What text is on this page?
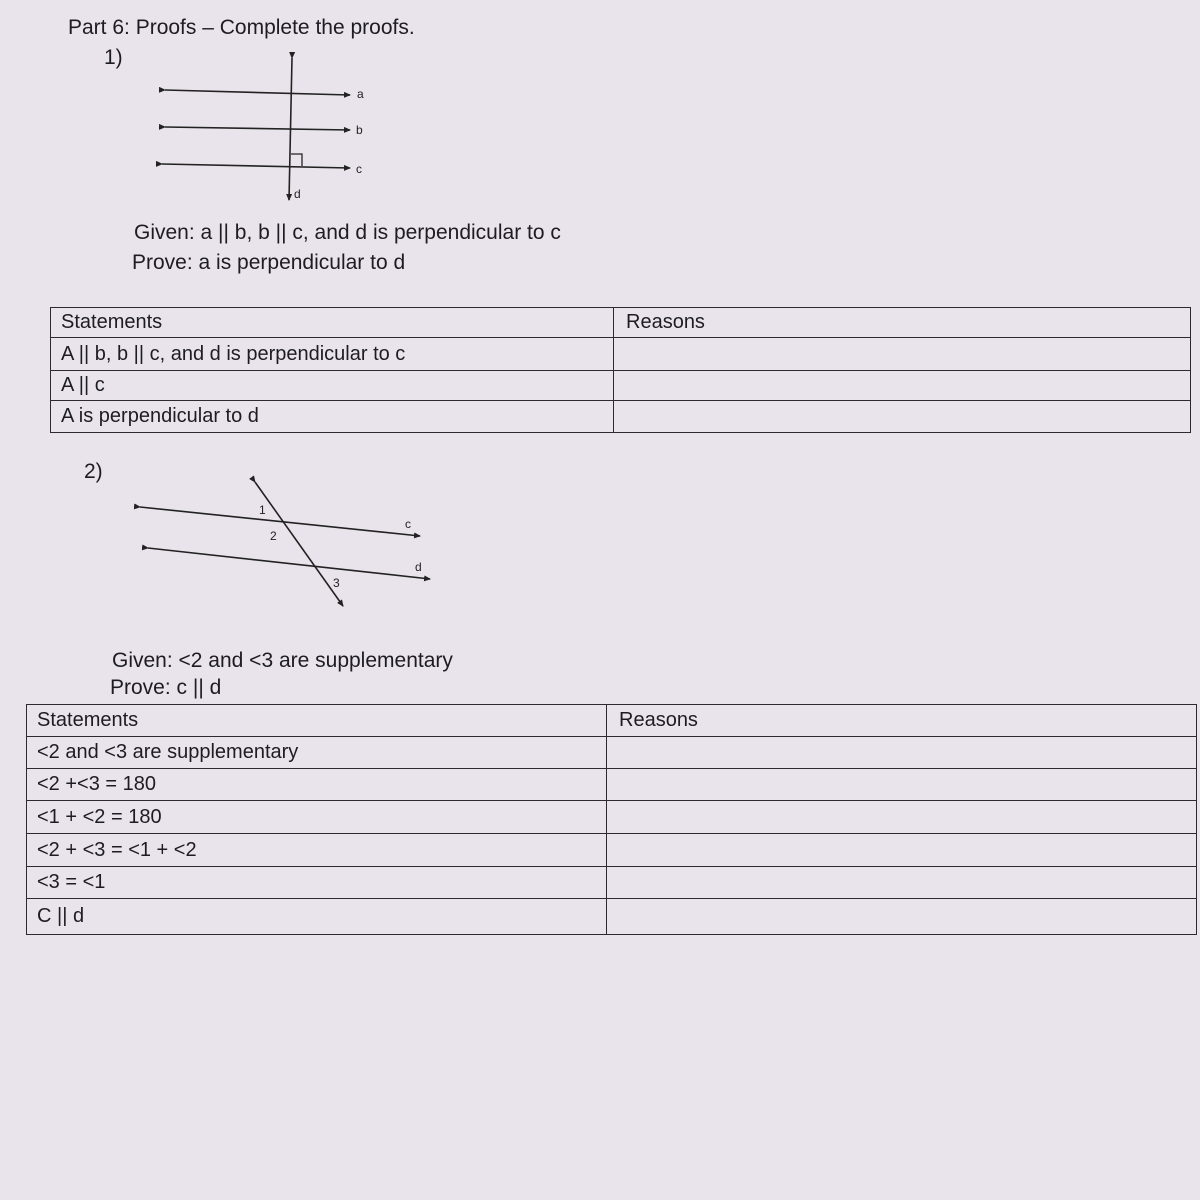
Part 6: Proofs – Complete the proofs.
1)
a
b
c
d
Given: a || b, b || c, and d is perpendicular to c
Prove: a is perpendicular to d
Statements	Reasons
A || b, b || c, and d is perpendicular to c	
A || c	
A is perpendicular to d	
2)
1
2
3
c
d
Given: <2 and <3 are supplementary
Prove: c || d
Statements	Reasons
<2 and <3 are supplementary	
<2 +<3 = 180	
<1 + <2 = 180	
<2 + <3 = <1 + <2	
<3 = <1	
C || d	
